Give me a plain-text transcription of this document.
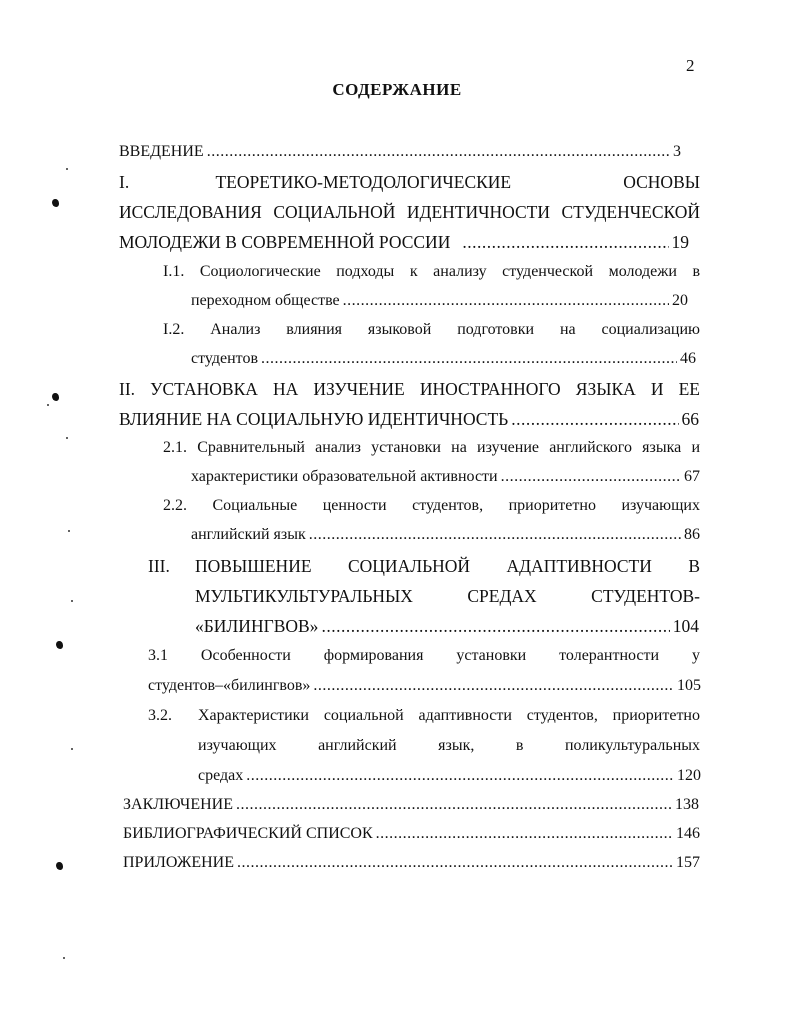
2
СОДЕРЖАНИЕ
ВВЕДЕНИЕ .....	3
I.	ТЕОРЕТИКО-МЕТОДОЛОГИЧЕСКИЕ	ОСНОВЫ
ИССЛЕДОВАНИЯ СОЦИАЛЬНОЙ ИДЕНТИЧНОСТИ СТУДЕНЧЕСКОЙ
МОЛОДЕЖИ В СОВРЕМЕННОЙ РОССИИ .....	19
I.1. Социологические подходы к анализу студенческой молодежи в
переходном обществе .....	20
I.2. Анализ влияния языковой подготовки на социализацию
студентов .....	46
II. УСТАНОВКА НА ИЗУЧЕНИЕ ИНОСТРАННОГО ЯЗЫКА И ЕЕ
ВЛИЯНИЕ НА СОЦИАЛЬНУЮ ИДЕНТИЧНОСТЬ .....	66
2.1. Сравнительный анализ установки на изучение английского языка и
характеристики образовательной активности .....	67
2.2. Социальные ценности студентов, приоритетно изучающих
английский язык .....	86
III.	ПОВЫШЕНИЕ СОЦИАЛЬНОЙ АДАПТИВНОСТИ В
МУЛЬТИКУЛЬТУРАЛЬНЫХ СРЕДАХ СТУДЕНТОВ-
«БИЛИНГВОВ» .....	104
3.1 Особенности формирования установки толерантности у
студентов–«билингвов» .....	105
3.2.	Характеристики социальной адаптивности студентов, приоритетно
изучающих английский язык, в поликультуральных
средах .....	120
ЗАКЛЮЧЕНИЕ .....	138
БИБЛИОГРАФИЧЕСКИЙ СПИСОК .....	146
ПРИЛОЖЕНИЕ .....	157
